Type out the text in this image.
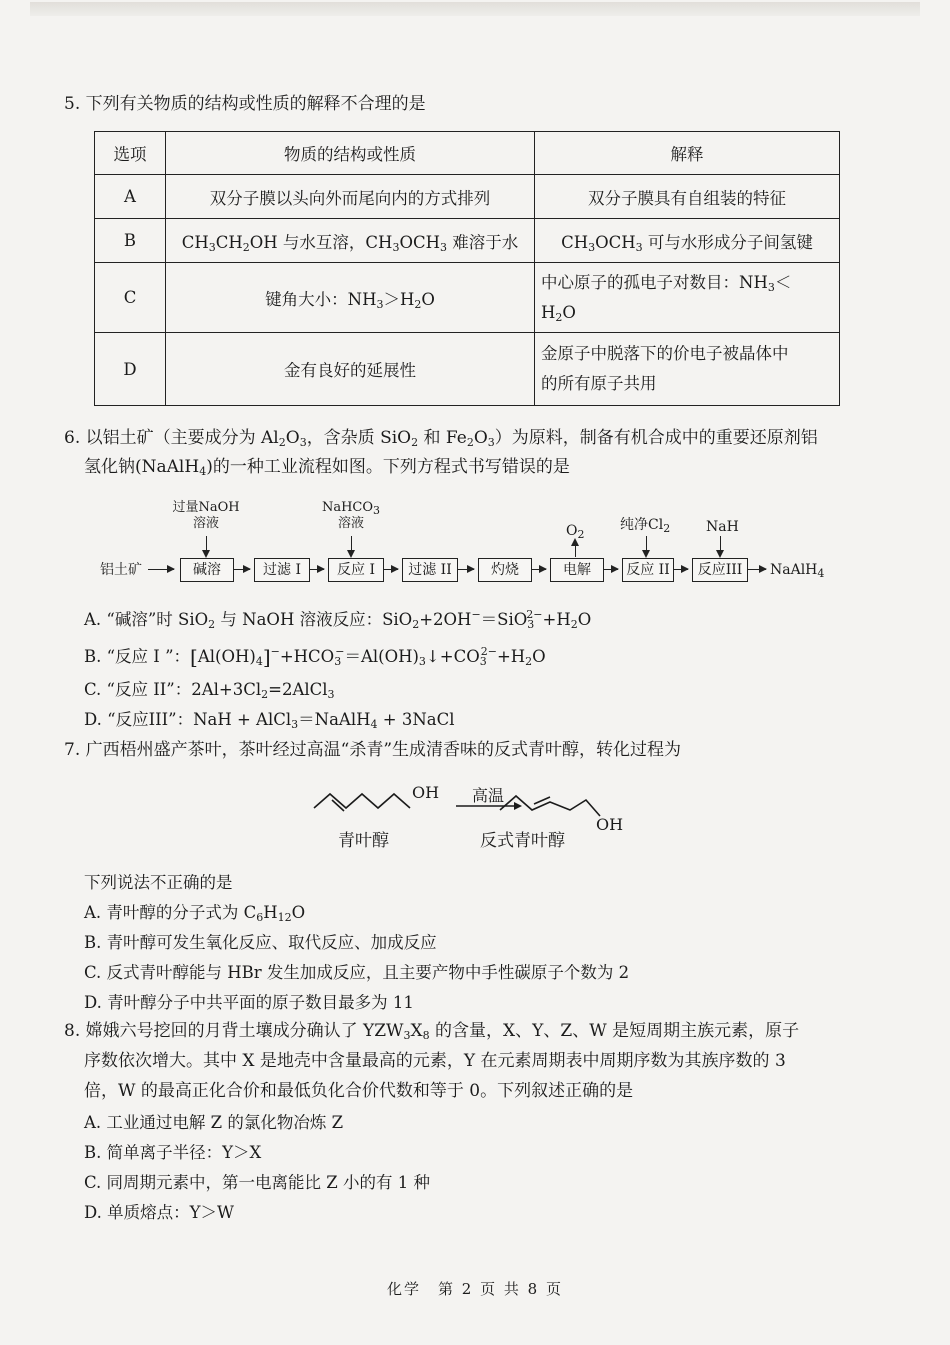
5. 下列有关物质的结构或性质的解释不合理的是
选项	物质的结构或性质	解释
A	双分子膜以头向外而尾向内的方式排列	双分子膜具有自组装的特征
B	$CH_3CH_2OH$ 与水互溶，$CH_3OCH_3$ 难溶于水	$CH_3OCH_3$ 可与水形成分子间氢键
C	键角大小：$NH_3>H_2O$	中心原子的孤电子对数目：$NH_3<$
$H_2O$
D	金有良好的延展性	金原子中脱落下的价电子被晶体中
的所有原子共用
6. 以铝土矿（主要成分为 $Al_2O_3$，含杂质 SiO$_2$ 和 $Fe_2O_3$）为原料，制备有机合成中的重要还原剂铝
氢化钠(NaAlH$_4$)的一种工业流程如图。下列方程式书写错误的是
过量NaOH
溶液
NaHCO$_3$
溶液	$O_2$
纯净$Cl_2$	NaH
铝土矿	碱溶	过滤 I	反应 I	过滤 II	灼烧	电解	反应 II	反应III	NaAlH$_4$
A. “碱溶”时 SiO$_2$ 与 NaOH 溶液反应：$SiO_2+2OH^-=SiO_3^{2-}+H_2O$
B. “反应 I ”：$[Al(OH)_4]^-+HCO_3^-=Al(OH)_3↓+CO_3^{2-}+H_2O$
C. “反应 II”：$2Al+3Cl_2=2AlCl_3$
D. “反应III”：NaH + AlCl$_3$＝NaAlH$_4$ + 3NaCl
7. 广西梧州盛产茶叶，茶叶经过高温“杀青”生成清香味的反式青叶醇，转化过程为
OH 高温
OH
青叶醇	反式青叶醇
下列说法不正确的是
A. 青叶醇的分子式为 $C_6H_{12}O$
B. 青叶醇可发生氧化反应、取代反应、加成反应
C. 反式青叶醇能与 HBr 发生加成反应，且主要产物中手性碳原子个数为 2
D. 青叶醇分子中共平面的原子数目最多为 11
8. 嫦娥六号挖回的月背土壤成分确认了 $YZW_3X_8$ 的含量，X、Y、Z、W 是短周期主族元素，原子
序数依次增大。其中 X 是地壳中含量最高的元素，Y 在元素周期表中周期序数为其族序数的 3
倍，W 的最高正化合价和最低负化合价代数和等于 0。下列叙述正确的是
A. 工业通过电解 Z 的氯化物冶炼 Z
B. 简单离子半径：Y＞X
C. 同周期元素中，第一电离能比 Z 小的有 1 种
D. 单质熔点：Y＞W
化学　第 2 页 共 8 页
